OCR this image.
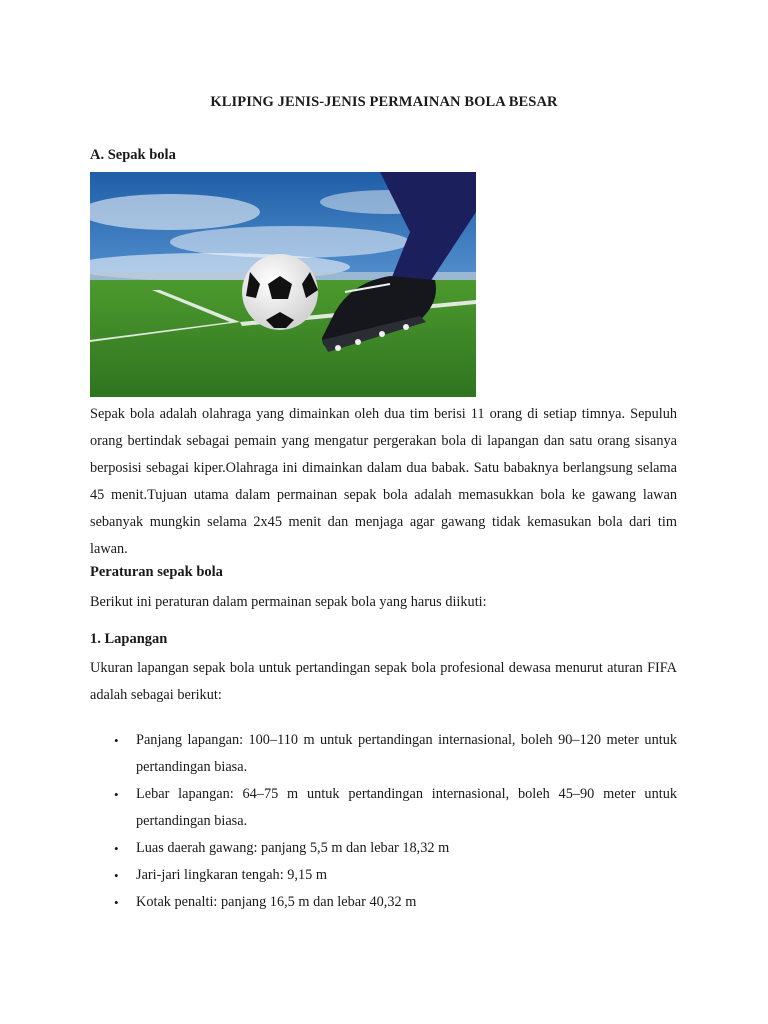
KLIPING JENIS-JENIS PERMAINAN BOLA BESAR
A. Sepak bola
Sepak bola adalah olahraga yang dimainkan oleh dua tim berisi 11 orang di setiap timnya. Sepuluh orang bertindak sebagai pemain yang mengatur pergerakan bola di lapangan dan satu orang sisanya berposisi sebagai kiper.Olahraga ini dimainkan dalam dua babak. Satu babaknya berlangsung selama 45 menit.Tujuan utama dalam permainan sepak bola adalah memasukkan bola ke gawang lawan sebanyak mungkin selama 2x45 menit dan menjaga agar gawang tidak kemasukan bola dari tim lawan.
Peraturan sepak bola
Berikut ini peraturan dalam permainan sepak bola yang harus diikuti:
1. Lapangan
Ukuran lapangan sepak bola untuk pertandingan sepak bola profesional dewasa menurut aturan FIFA adalah sebagai berikut:
• Panjang lapangan: 100–110 m untuk pertandingan internasional, boleh 90–120 meter untuk pertandingan biasa.
• Lebar lapangan: 64–75 m untuk pertandingan internasional, boleh 45–90 meter untuk pertandingan biasa.
• Luas daerah gawang: panjang 5,5 m dan lebar 18,32 m
• Jari-jari lingkaran tengah: 9,15 m
• Kotak penalti: panjang 16,5 m dan lebar 40,32 m
